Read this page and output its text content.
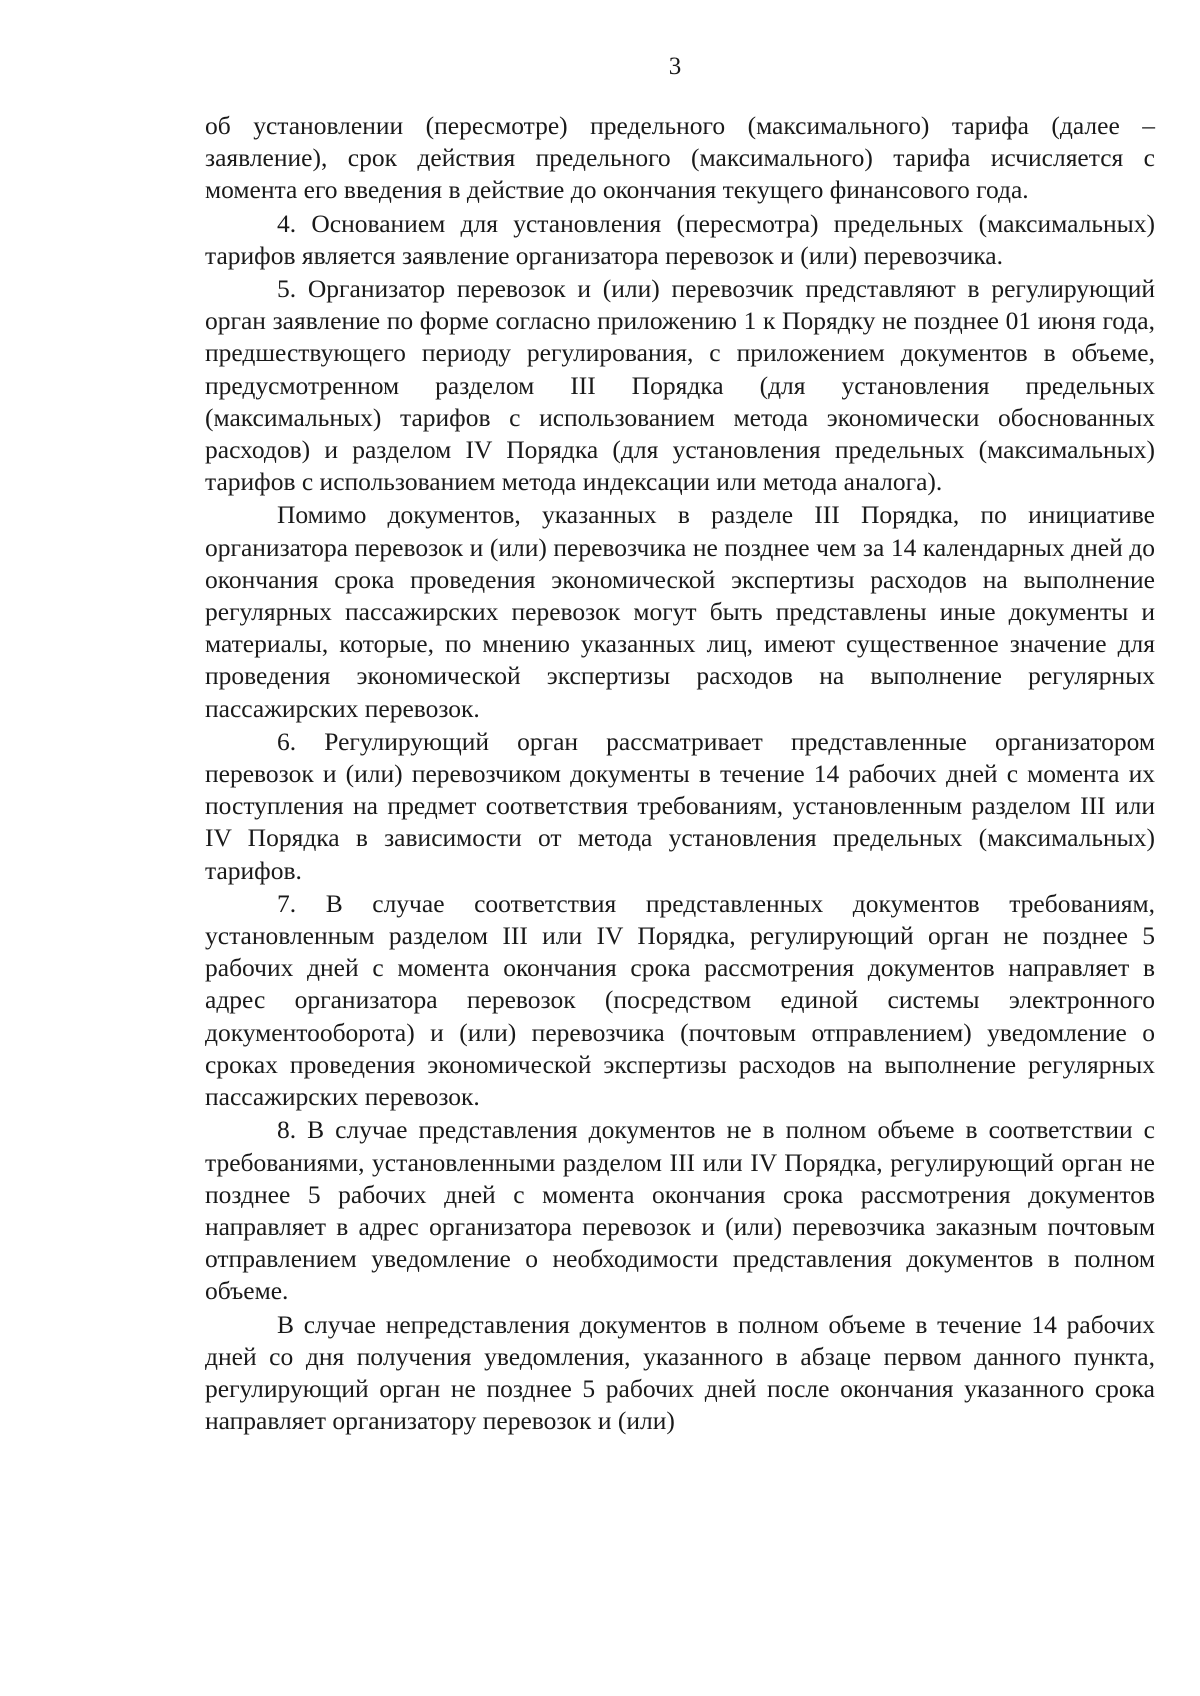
3

об установлении (пересмотре) предельного (максимального) тарифа (далее – заявление), срок действия предельного (максимального) тарифа исчисляется с момента его введения в действие до окончания текущего финансового года.

4. Основанием для установления (пересмотра) предельных (максимальных) тарифов является заявление организатора перевозок и (или) перевозчика.

5. Организатор перевозок и (или) перевозчик представляют в регулирующий орган заявление по форме согласно приложению 1 к Порядку не позднее 01 июня года, предшествующего периоду регулирования, с приложением документов в объеме, предусмотренном разделом III Порядка (для установления предельных (максимальных) тарифов с использованием метода экономически обоснованных расходов) и разделом IV Порядка (для установления предельных (максимальных) тарифов с использованием метода индексации или метода аналога).

Помимо документов, указанных в разделе III Порядка, по инициативе организатора перевозок и (или) перевозчика не позднее чем за 14 календарных дней до окончания срока проведения экономической экспертизы расходов на выполнение регулярных пассажирских перевозок могут быть представлены иные документы и материалы, которые, по мнению указанных лиц, имеют существенное значение для проведения экономической экспертизы расходов на выполнение регулярных пассажирских перевозок.

6. Регулирующий орган рассматривает представленные организатором перевозок и (или) перевозчиком документы в течение 14 рабочих дней с момента их поступления на предмет соответствия требованиям, установленным разделом III или IV Порядка в зависимости от метода установления предельных (максимальных) тарифов.

7. В случае соответствия представленных документов требованиям, установленным разделом III или IV Порядка, регулирующий орган не позднее 5 рабочих дней с момента окончания срока рассмотрения документов направляет в адрес организатора перевозок (посредством единой системы электронного документооборота) и (или) перевозчика (почтовым отправлением) уведомление о сроках проведения экономической экспертизы расходов на выполнение регулярных пассажирских перевозок.

8. В случае представления документов не в полном объеме в соответствии с требованиями, установленными разделом III или IV Порядка, регулирующий орган не позднее 5 рабочих дней с момента окончания срока рассмотрения документов направляет в адрес организатора перевозок и (или) перевозчика заказным почтовым отправлением уведомление о необходимости представления документов в полном объеме.

В случае непредставления документов в полном объеме в течение 14 рабочих дней со дня получения уведомления, указанного в абзаце первом данного пункта, регулирующий орган не позднее 5 рабочих дней после окончания указанного срока направляет организатору перевозок и (или)
